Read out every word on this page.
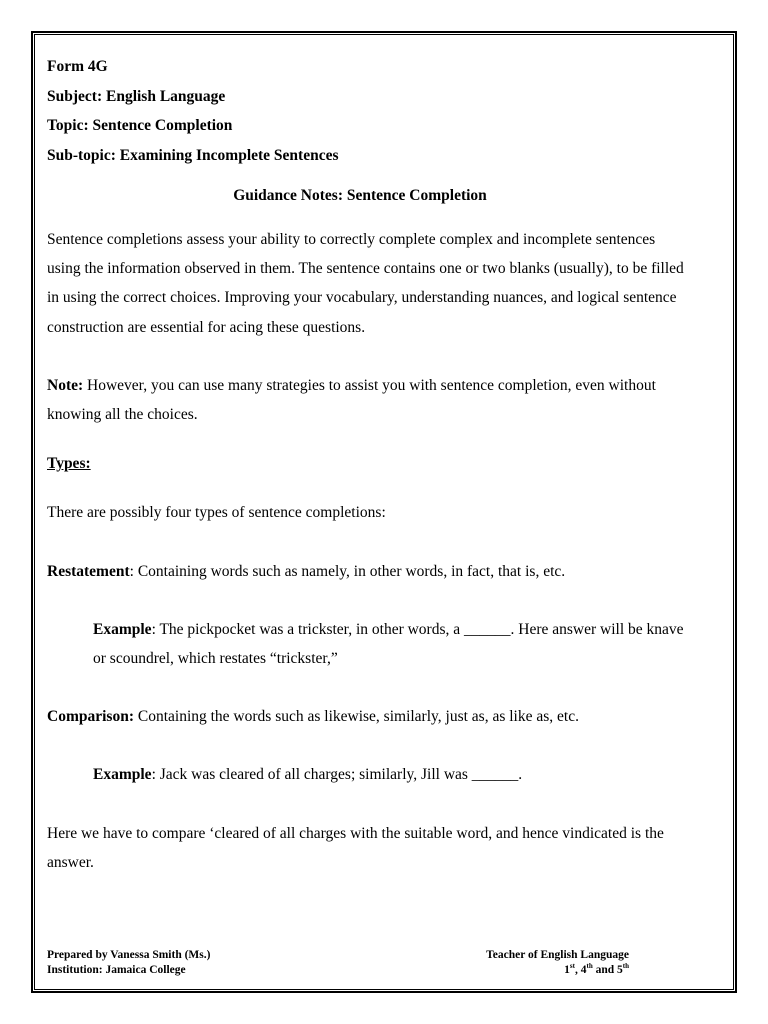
Form 4G
Subject: English Language
Topic: Sentence Completion
Sub-topic: Examining Incomplete Sentences
Guidance Notes: Sentence Completion

Sentence completions assess your ability to correctly complete complex and incomplete sentences using the information observed in them. The sentence contains one or two blanks (usually), to be filled in using the correct choices. Improving your vocabulary, understanding nuances, and logical sentence construction are essential for acing these questions.

Note: However, you can use many strategies to assist you with sentence completion, even without knowing all the choices.

Types:

There are possibly four types of sentence completions:

Restatement: Containing words such as namely, in other words, in fact, that is, etc.

Example: The pickpocket was a trickster, in other words, a ______. Here answer will be knave or scoundrel, which restates “trickster,”

Comparison: Containing the words such as likewise, similarly, just as, as like as, etc.

Example: Jack was cleared of all charges; similarly, Jill was ______.

Here we have to compare ‘cleared of all charges with the suitable word, and hence vindicated is the answer.

Prepared by Vanessa Smith (Ms.)
Institution: Jamaica College
Teacher of English Language
1st, 4th and 5th
